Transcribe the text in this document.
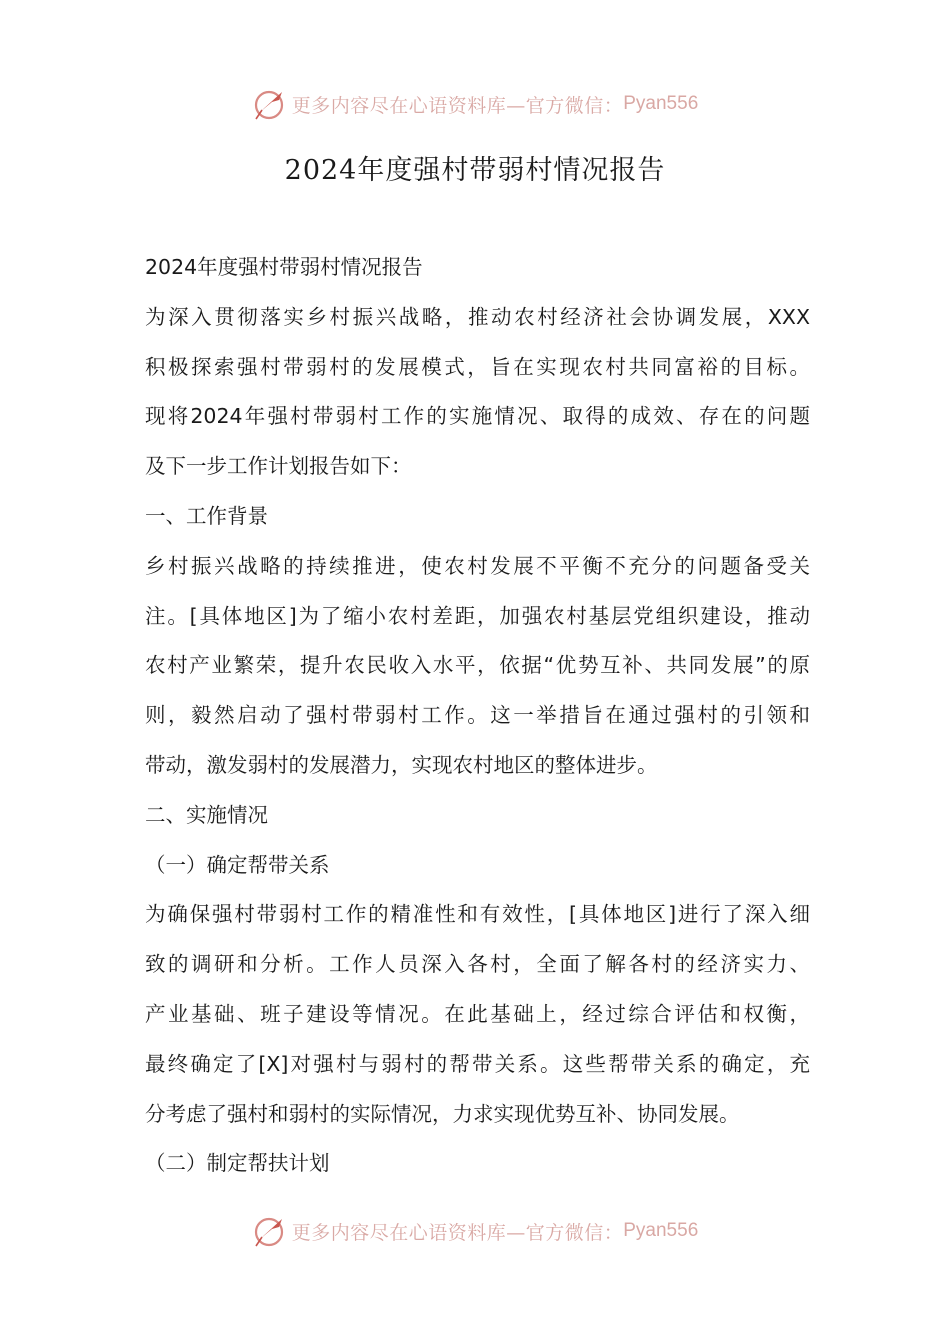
更多内容尽在心语资料库—官方微信： Pyan556
2024年度强村带弱村情况报告
2024年度强村带弱村情况报告
为深入贯彻落实乡村振兴战略，推动农村经济社会协调发展，XXX
积极探索强村带弱村的发展模式，旨在实现农村共同富裕的目标。
现将2024年强村带弱村工作的实施情况、取得的成效、存在的问题
及下一步工作计划报告如下：
一、工作背景
乡村振兴战略的持续推进，使农村发展不平衡不充分的问题备受关
注。[具体地区]为了缩小农村差距，加强农村基层党组织建设，推动
农村产业繁荣，提升农民收入水平，依据“优势互补、共同发展”的原
则，毅然启动了强村带弱村工作。这一举措旨在通过强村的引领和
带动，激发弱村的发展潜力，实现农村地区的整体进步。
二、实施情况
（一）确定帮带关系
为确保强村带弱村工作的精准性和有效性，[具体地区]进行了深入细
致的调研和分析。工作人员深入各村，全面了解各村的经济实力、
产业基础、班子建设等情况。在此基础上，经过综合评估和权衡，
最终确定了[X]对强村与弱村的帮带关系。这些帮带关系的确定，充
分考虑了强村和弱村的实际情况，力求实现优势互补、协同发展。
（二）制定帮扶计划
更多内容尽在心语资料库—官方微信： Pyan556
